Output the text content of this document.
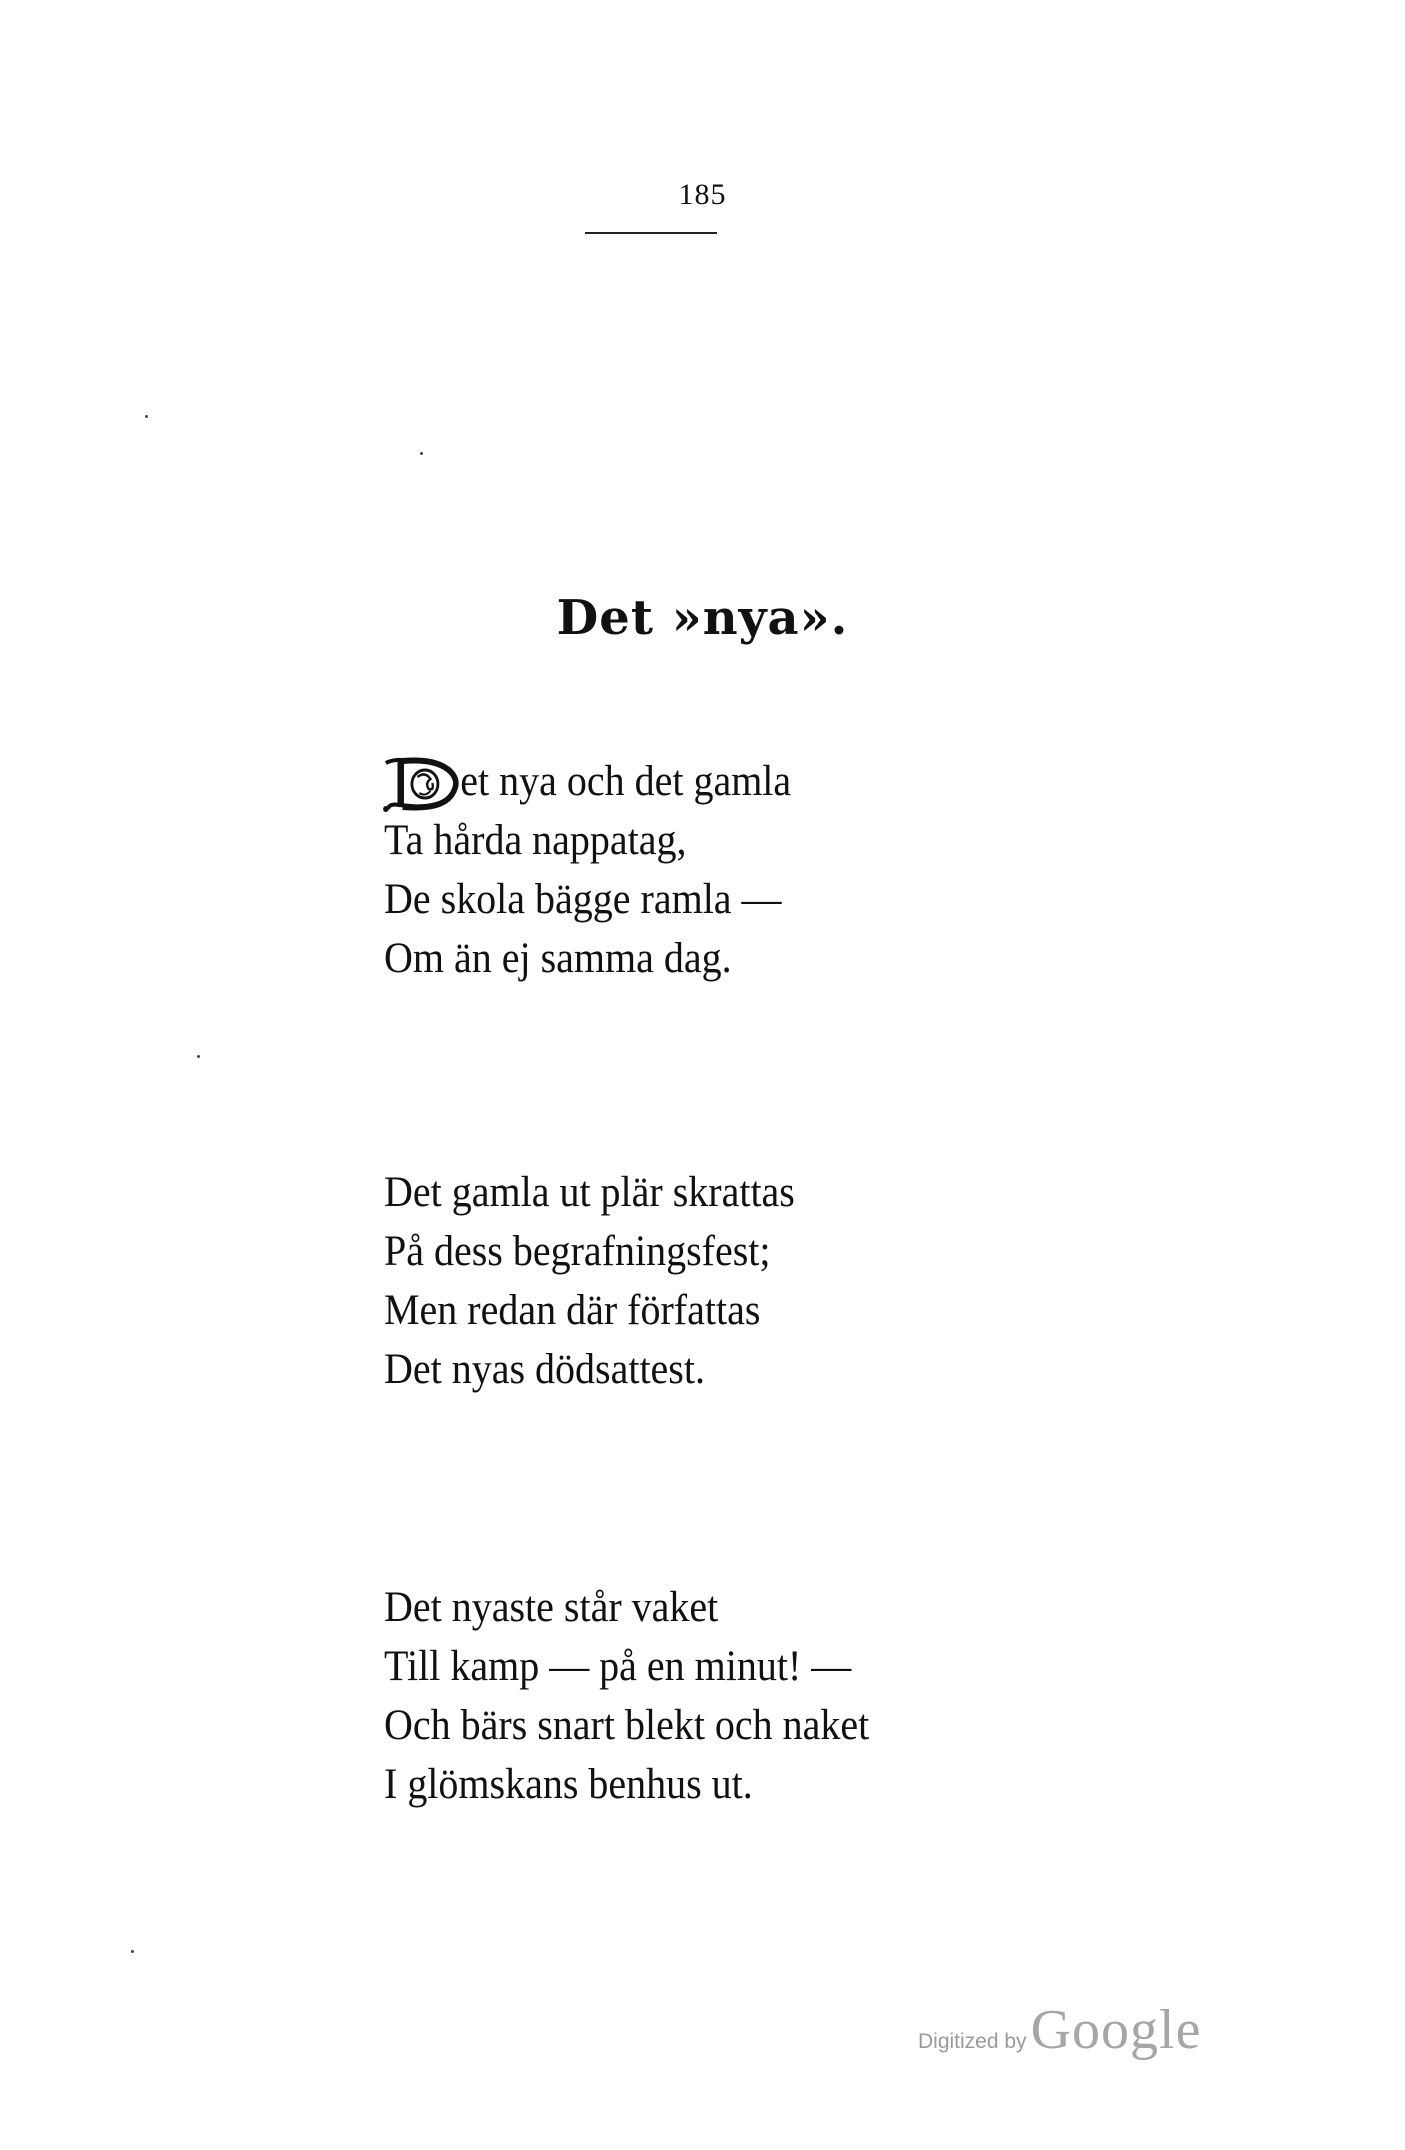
185
Det »nya».
et nya och det gamla
Ta hårda nappatag,
De skola bägge ramla —
Om än ej samma dag.
Det gamla ut plär skrattas
På dess begrafningsfest;
Men redan där författas
Det nyas dödsattest.
Det nyaste står vaket
Till kamp — på en minut! —
Och bärs snart blekt och naket
I glömskans benhus ut.
Digitized by Google
